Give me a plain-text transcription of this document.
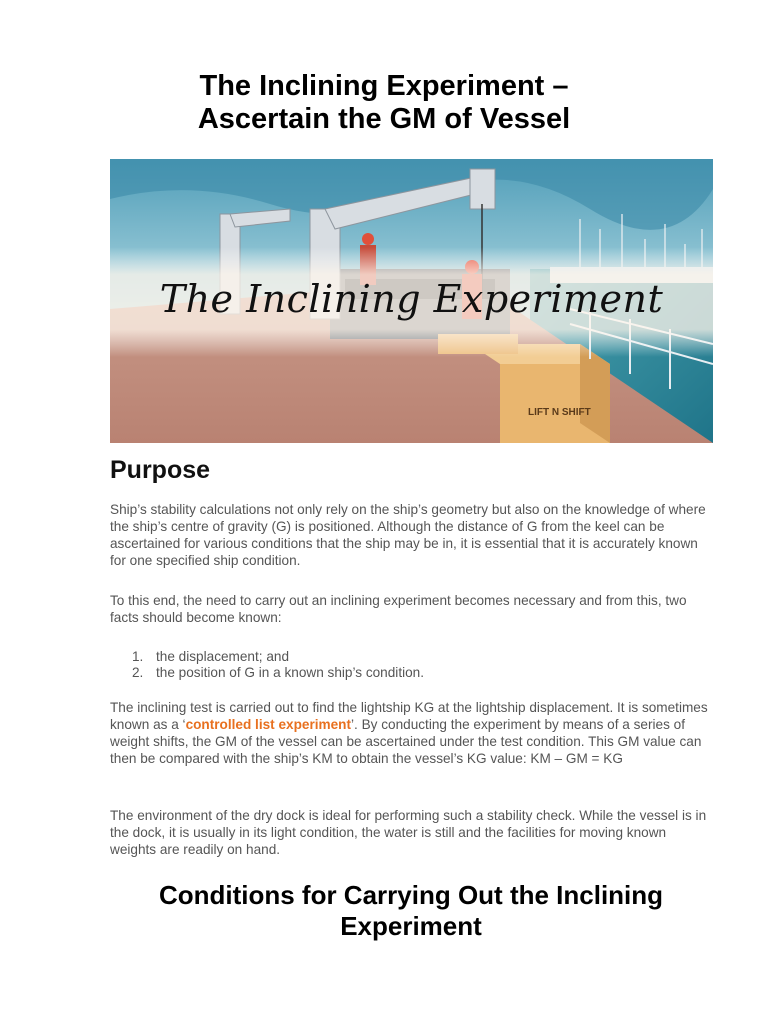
The Inclining Experiment –
Ascertain the GM of Vessel
LIFT N SHIFT
The Inclining Experiment
Purpose

Ship’s stability calculations not only rely on the ship’s geometry but also on the knowledge of where the ship’s centre of gravity (G) is positioned. Although the distance of G from the keel can be ascertained for various conditions that the ship may be in, it is essential that it is accurately known for one specified ship condition.

To this end, the need to carry out an inclining experiment becomes necessary and from this, two facts should become known:

1. the displacement; and
2. the position of G in a known ship’s condition.

The inclining test is carried out to find the lightship KG at the lightship displacement. It is sometimes known as a ‘controlled list experiment’. By conducting the experiment by means of a series of weight shifts, the GM of the vessel can be ascertained under the test condition. This GM value can then be compared with the ship’s KM to obtain the vessel’s KG value: KM – GM = KG

The environment of the dry dock is ideal for performing such a stability check. While the vessel is in the dock, it is usually in its light condition, the water is still and the facilities for moving known weights are readily on hand.

Conditions for Carrying Out the Inclining Experiment
